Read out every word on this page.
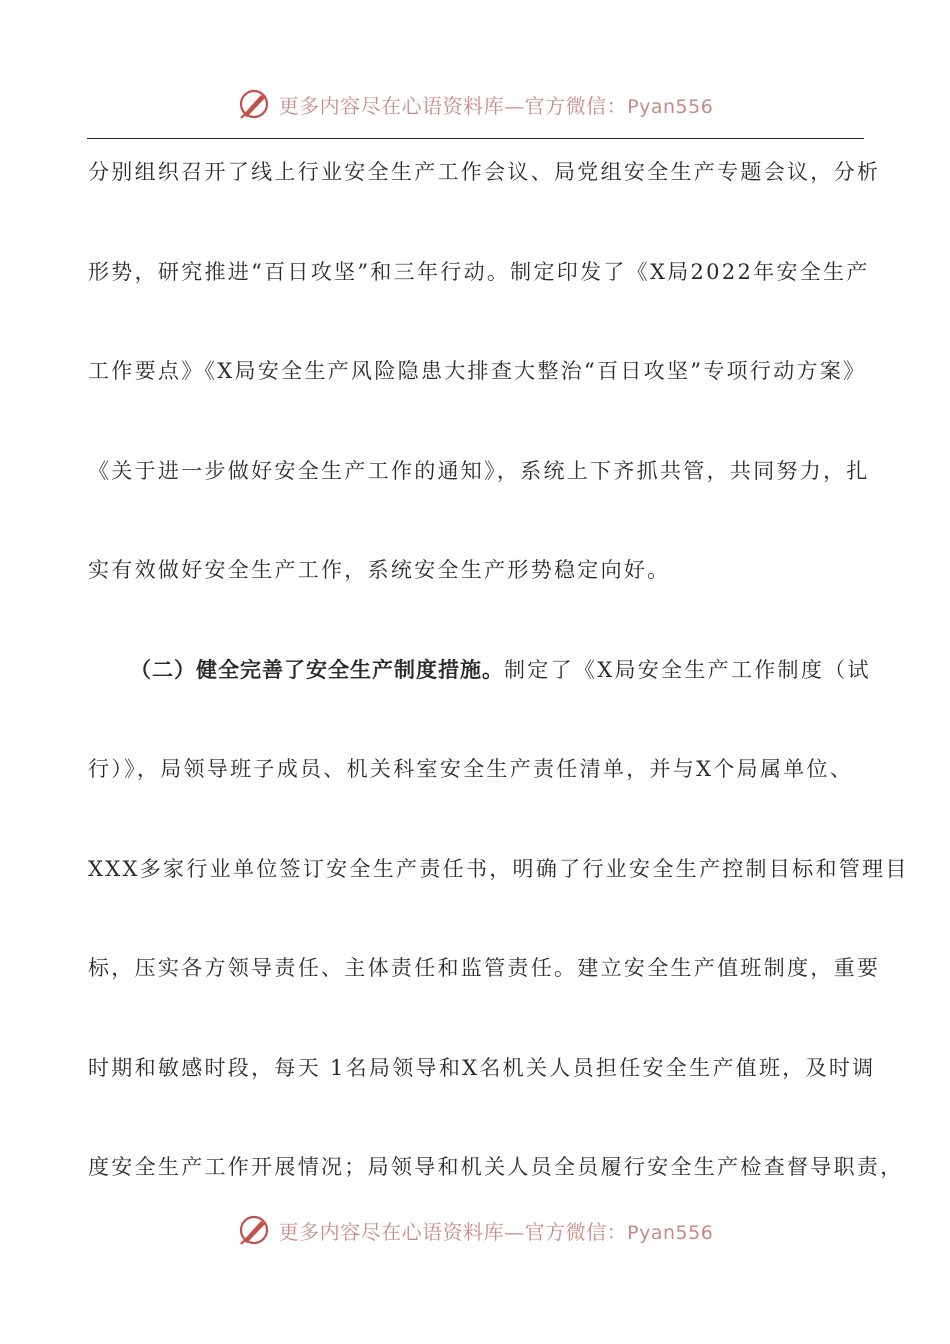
更多内容尽在心语资料库—官方微信：Pyan556
分别组织召开了线上行业安全生产工作会议、局党组安全生产专题会议，分析
形势，研究推进“百日攻坚”和三年行动。制定印发了《X局2022年安全生产
工作要点》《X局安全生产风险隐患大排查大整治“百日攻坚”专项行动方案》
《关于进一步做好安全生产工作的通知》，系统上下齐抓共管，共同努力，扎
实有效做好安全生产工作，系统安全生产形势稳定向好。
（二）健全完善了安全生产制度措施。制定了《X局安全生产工作制度（试
行）》，局领导班子成员、机关科室安全生产责任清单，并与X个局属单位、
XXX多家行业单位签订安全生产责任书，明确了行业安全生产控制目标和管理目
标，压实各方领导责任、主体责任和监管责任。建立安全生产值班制度，重要
时期和敏感时段，每天 1名局领导和X名机关人员担任安全生产值班，及时调
度安全生产工作开展情况；局领导和机关人员全员履行安全生产检查督导职责，
更多内容尽在心语资料库—官方微信：Pyan556
